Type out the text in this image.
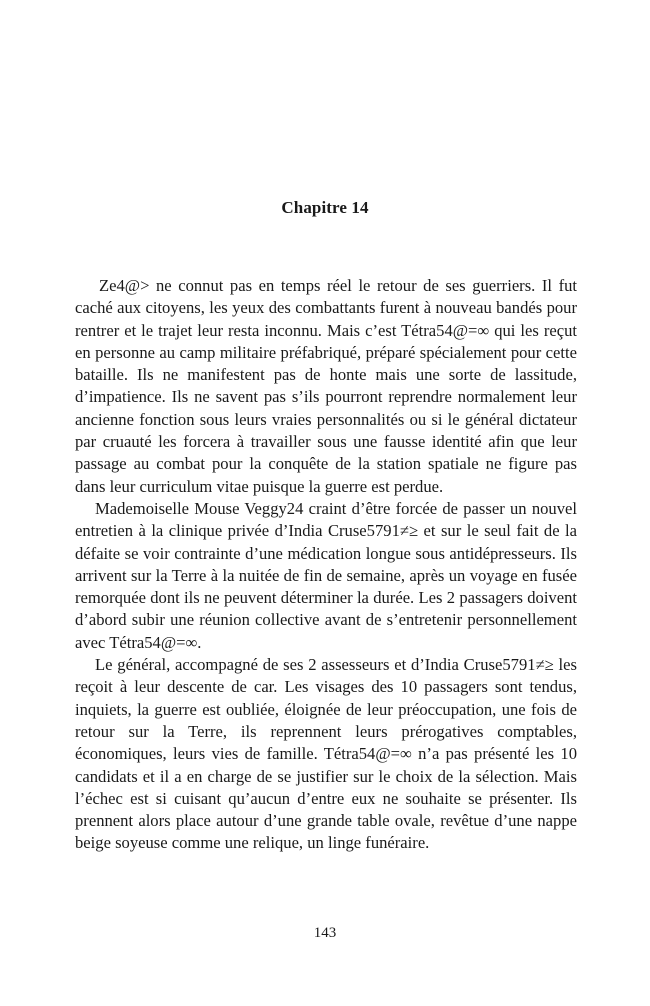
Chapitre 14

Ze4@> ne connut pas en temps réel le retour de ses guerriers. Il fut caché aux citoyens, les yeux des combattants furent à nouveau bandés pour rentrer et le trajet leur resta inconnu. Mais c’est Tétra54@=∞ qui les reçut en personne au camp militaire préfabriqué, préparé spécialement pour cette bataille. Ils ne manifestent pas de honte mais une sorte de lassitude, d’impatience. Ils ne savent pas s’ils pourront reprendre normalement leur ancienne fonction sous leurs vraies personnalités ou si le général dictateur par cruauté les forcera à travailler sous une fausse identité afin que leur passage au combat pour la conquête de la station spatiale ne figure pas dans leur curriculum vitae puisque la guerre est perdue.

Mademoiselle Mouse Veggy24 craint d’être forcée de passer un nouvel entretien à la clinique privée d’India Cruse5791≠≥ et sur le seul fait de la défaite se voir contrainte d’une médication longue sous antidépresseurs. Ils arrivent sur la Terre à la nuitée de fin de semaine, après un voyage en fusée remorquée dont ils ne peuvent déterminer la durée. Les 2 passagers doivent d’abord subir une réunion collective avant de s’entretenir personnellement avec Tétra54@=∞.

Le général, accompagné de ses 2 assesseurs et d’India Cruse5791≠≥ les reçoit à leur descente de car. Les visages des 10 passagers sont tendus, inquiets, la guerre est oubliée, éloignée de leur préoccupation, une fois de retour sur la Terre, ils reprennent leurs prérogatives comptables, économiques, leurs vies de famille. Tétra54@=∞ n’a pas présenté les 10 candidats et il a en charge de se justifier sur le choix de la sélection. Mais l’échec est si cuisant qu’aucun d’entre eux ne souhaite se présenter. Ils prennent alors place autour d’une grande table ovale, revêtue d’une nappe beige soyeuse comme une relique, un linge funéraire.

143
